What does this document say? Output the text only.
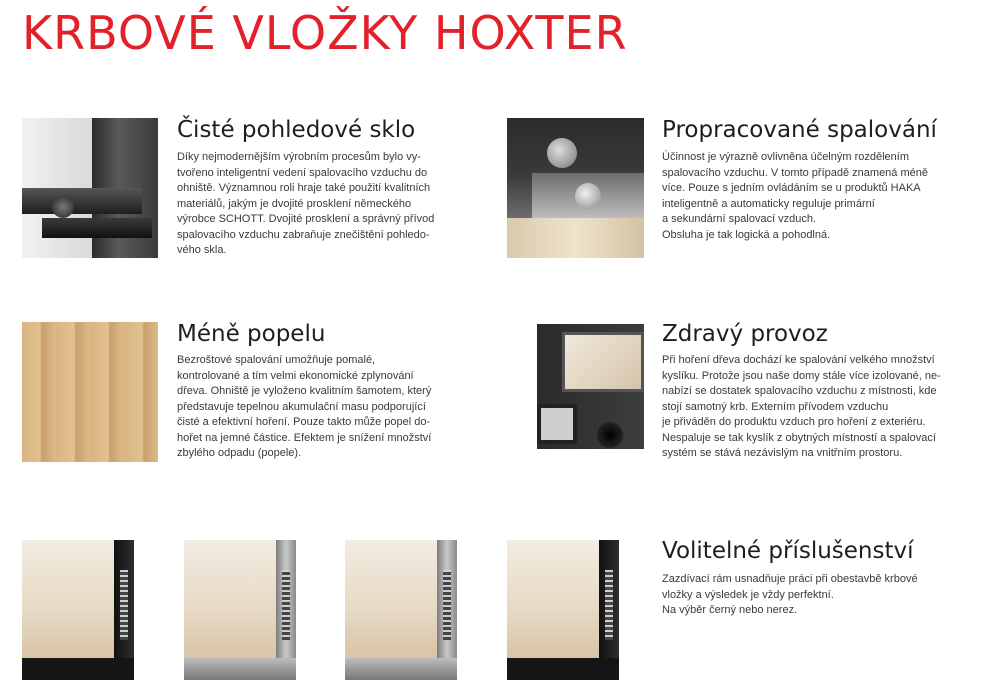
KRBOVÉ VLOŽKY HOXTER
Čisté pohledové sklo
Díky nejmodernějším výrobním procesům bylo vy-
tvořeno inteligentní vedení spalovacího vzduchu do
ohniště. Významnou roli hraje také použití kvalitních
materiálů, jakým je dvojité prosklení německého
výrobce SCHOTT. Dvojité prosklení a správný přívod
spalovacího vzduchu zabraňuje znečištění pohledo-
vého skla.
Propracované spalování
Účinnost je výrazně ovlivněna účelným rozdělením
spalovacího vzduchu. V tomto případě znamená méně
více. Pouze s jedním ovládáním se u produktů HAKA
inteligentně a automaticky reguluje primární
a sekundární spalovací vzduch.
Obsluha je tak logická a pohodlná.
Méně popelu
Bezroštové spalování umožňuje pomalé,
kontrolované a tím velmi ekonomické zplynování
dřeva. Ohniště je vyloženo kvalitním šamotem, který
představuje tepelnou akumulační masu podporující
čisté a efektivní hoření. Pouze takto může popel do-
hořet na jemné částice. Efektem je snížení množství
zbylého odpadu (popele).
Zdravý provoz
Při hoření dřeva dochází ke spalování velkého množství
kyslíku. Protože jsou naše domy stále více izolované, ne-
nabízí se dostatek spalovacího vzduchu z místnosti, kde
stojí samotný krb. Externím přívodem vzduchu
je přiváděn do produktu vzduch pro hoření z exteriéru.
Nespaluje se tak kyslík z obytných místností a spalovací
systém se stává nezávislým na vnitřním prostoru.
Volitelné příslušenství
Zazdívací rám usnadňuje práci při obestavbě krbové
vložky a výsledek je vždy perfektní.
Na výběr černý nebo nerez.
